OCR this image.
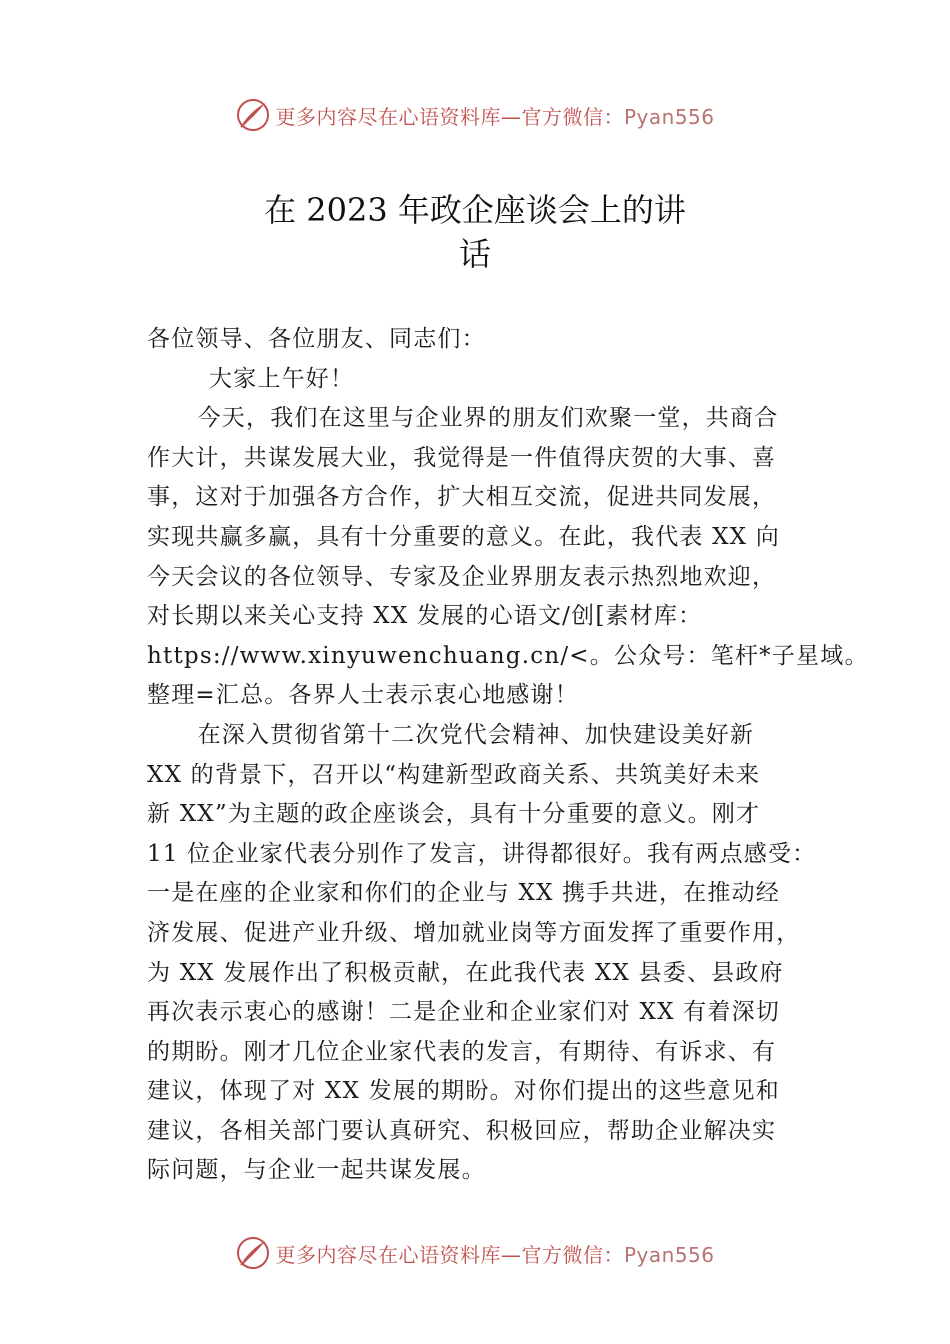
更多内容尽在心语资料库—官方微信：Pyan556
在 2023 年政企座谈会上的讲
话

各位领导、各位朋友、同志们：

大家上午好！

今天，我们在这里与企业界的朋友们欢聚一堂，共商合
作大计，共谋发展大业，我觉得是一件值得庆贺的大事、喜
事，这对于加强各方合作，扩大相互交流，促进共同发展，
实现共赢多赢，具有十分重要的意义。在此，我代表 XX 向
今天会议的各位领导、专家及企业界朋友表示热烈地欢迎，
对长期以来关心支持 XX 发展的心语文/创[素材库：
https://www.xinyuwenchuang.cn/<。公众号：笔杆*子星域。
整理=汇总。各界人士表示衷心地感谢！

在深入贯彻省第十二次党代会精神、加快建设美好新
XX 的背景下，召开以“构建新型政商关系、共筑美好未来
新 XX”为主题的政企座谈会，具有十分重要的意义。刚才
11 位企业家代表分别作了发言，讲得都很好。我有两点感受：
一是在座的企业家和你们的企业与 XX 携手共进，在推动经
济发展、促进产业升级、增加就业岗等方面发挥了重要作用，
为 XX 发展作出了积极贡献，在此我代表 XX 县委、县政府
再次表示衷心的感谢！二是企业和企业家们对 XX 有着深切
的期盼。刚才几位企业家代表的发言，有期待、有诉求、有
建议，体现了对 XX 发展的期盼。对你们提出的这些意见和
建议，各相关部门要认真研究、积极回应，帮助企业解决实
际问题，与企业一起共谋发展。

更多内容尽在心语资料库—官方微信：Pyan556
